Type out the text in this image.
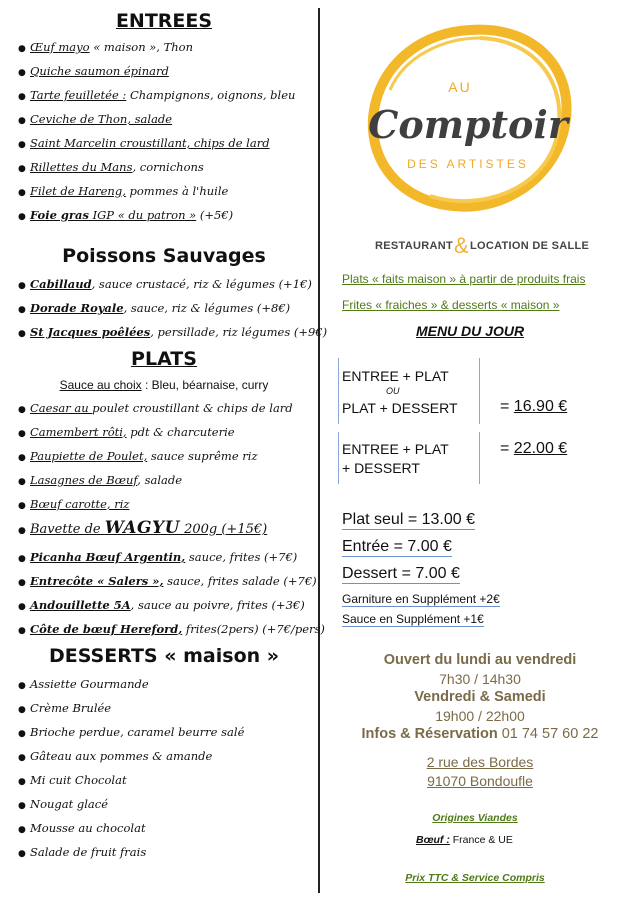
ENTREES
● Œuf mayo « maison », Thon
● Quiche saumon épinard
● Tarte feuilletée : Champignons, oignons, bleu
● Ceviche de Thon, salade
● Saint Marcelin croustillant, chips de lard
● Rillettes du Mans, cornichons
● Filet de Hareng, pommes à l'huile
● Foie gras IGP « du patron » (+5€)
Poissons Sauvages
● Cabillaud, sauce crustacé, riz & légumes (+1€)
● Dorade Royale, sauce, riz & légumes (+8€)
● St Jacques poêlées, persillade, riz légumes (+9€)
PLATS
Sauce au choix : Bleu, béarnaise, curry
● Caesar au poulet croustillant & chips de lard
● Camembert rôti, pdt & charcuterie
● Paupiette de Poulet, sauce suprême riz
● Lasagnes de Bœuf, salade
● Bœuf carotte, riz
● Bavette de WAGYU 200g (+15€)
● Picanha Bœuf Argentin, sauce, frites (+7€)
● Entrecôte « Salers », sauce, frites salade (+7€)
● Andouillette 5A, sauce au poivre, frites (+3€)
● Côte de bœuf Hereford, frites(2pers) (+7€/pers)
DESSERTS « maison »
● Assiette Gourmande
● Crème Brulée
● Brioche perdue, caramel beurre salé
● Gâteau aux pommes & amande
● Mi cuit Chocolat
● Nougat glacé
● Mousse au chocolat
● Salade de fruit frais
AU
Comptoir
DES ARTISTES
RESTAURANT&LOCATION DE SALLE
Plats « faits maison » à partir de produits frais
Frites « fraiches » & desserts « maison »
MENU DU JOUR
ENTREE + PLAT
OU
PLAT + DESSERT	= 16.90 €
ENTREE + PLAT
+ DESSERT
= 22.00 €
Plat seul = 13.00 €
Entrée = 7.00 €
Dessert = 7.00 €
Garniture en Supplément +2€
Sauce en Supplément +1€
Ouvert du lundi au vendredi
7h30 / 14h30
Vendredi & Samedi
19h00 / 22h00
Infos & Réservation 01 74 57 60 22
2 rue des Bordes
91070 Bondoufle
Origines Viandes
Bœuf : France & UE
Prix TTC & Service Compris
